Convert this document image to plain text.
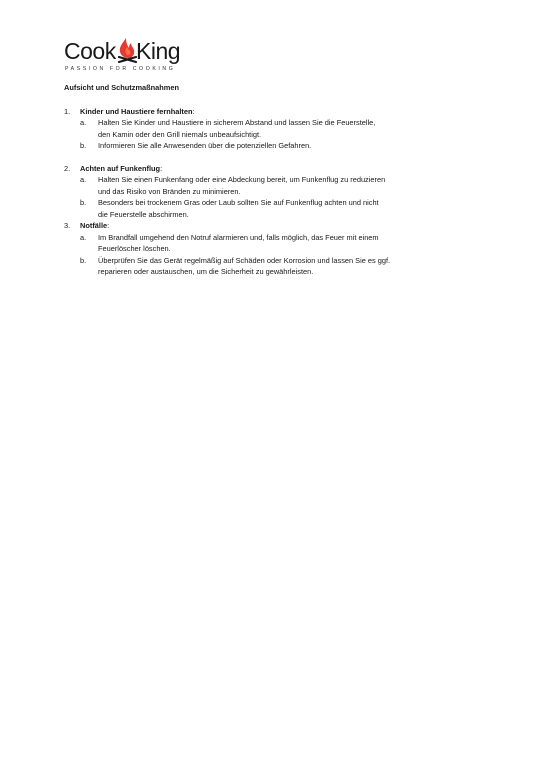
Cook King
PASSION FOR COOKING
Aufsicht und Schutzmaßnahmen
1. Kinder und Haustiere fernhalten:
a. Halten Sie Kinder und Haustiere in sicherem Abstand und lassen Sie die Feuerstelle,
den Kamin oder den Grill niemals unbeaufsichtigt.
b. Informieren Sie alle Anwesenden über die potenziellen Gefahren.
2. Achten auf Funkenflug:
a. Halten Sie einen Funkenfang oder eine Abdeckung bereit, um Funkenflug zu reduzieren
und das Risiko von Bränden zu minimieren.
b. Besonders bei trockenem Gras oder Laub sollten Sie auf Funkenflug achten und nicht
die Feuerstelle abschirmen.
3. Notfälle:
a. Im Brandfall umgehend den Notruf alarmieren und, falls möglich, das Feuer mit einem
Feuerlöscher löschen.
b. Überprüfen Sie das Gerät regelmäßig auf Schäden oder Korrosion und lassen Sie es ggf.
reparieren oder austauschen, um die Sicherheit zu gewährleisten.
